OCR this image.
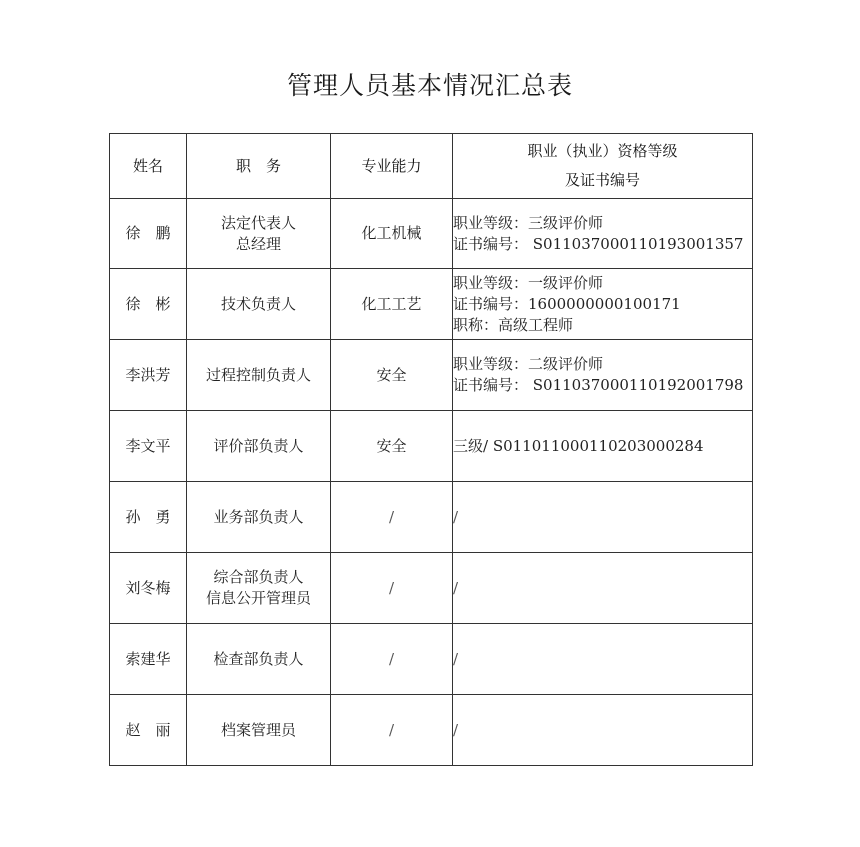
管理人员基本情况汇总表
姓名	职　务	专业能力	职业（执业）资格等级
及证书编号

徐　鹏	法定代表人
总经理	化工机械	职业等级：三级评价师
证书编号： S011037000110193001357

徐　彬	技术负责人	化工工艺	职业等级：一级评价师
证书编号：1600000000100171
职称：高级工程师

李洪芳	过程控制负责人	安全	职业等级：二级评价师
证书编号： S011037000110192001798

李文平	评价部负责人	安全	三级/ S011011000110203000284

孙　勇	业务部负责人	/	/

刘冬梅	综合部负责人
信息公开管理员	/	/

索建华	检查部负责人	/	/

赵　丽	档案管理员	/	/
